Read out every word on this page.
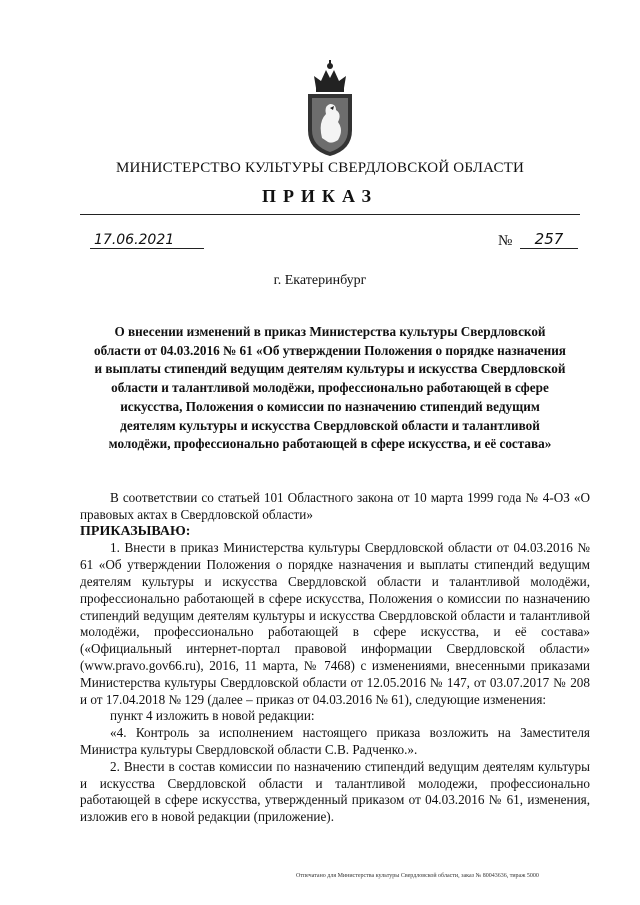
МИНИСТЕРСТВО КУЛЬТУРЫ СВЕРДЛОВСКОЙ ОБЛАСТИ
ПРИКАЗ
17.06.2021	№	257
г. Екатеринбург
О внесении изменений в приказ Министерства культуры Свердловской области от 04.03.2016 № 61 «Об утверждении Положения о порядке назначения и выплаты стипендий ведущим деятелям культуры и искусства Свердловской области и талантливой молодёжи, профессионально работающей в сфере искусства, Положения о комиссии по назначению стипендий ведущим деятелям культуры и искусства Свердловской области и талантливой молодёжи, профессионально работающей в сфере искусства, и её состава»

В соответствии со статьей 101 Областного закона от 10 марта 1999 года № 4-ОЗ «О правовых актах в Свердловской области»

ПРИКАЗЫВАЮ:

1. Внести в приказ Министерства культуры Свердловской области от 04.03.2016 № 61 «Об утверждении Положения о порядке назначения и выплаты стипендий ведущим деятелям культуры и искусства Свердловской области и талантливой молодёжи, профессионально работающей в сфере искусства, Положения о комиссии по назначению стипендий ведущим деятелям культуры и искусства Свердловской области и талантливой молодёжи, профессионально работающей в сфере искусства, и её состава» («Официальный интернет-портал правовой информации Свердловской области» (www.pravo.gov66.ru), 2016, 11 марта, № 7468) с изменениями, внесенными приказами Министерства культуры Свердловской области от 12.05.2016 № 147, от 03.07.2017 № 208 и от 17.04.2018 № 129 (далее – приказ от 04.03.2016 № 61), следующие изменения:

пункт 4 изложить в новой редакции:

«4. Контроль за исполнением настоящего приказа возложить на Заместителя Министра культуры Свердловской области С.В. Радченко.».

2. Внести в состав комиссии по назначению стипендий ведущим деятелям культуры и искусства Свердловской области и талантливой молодежи, профессионально работающей в сфере искусства, утвержденный приказом от 04.03.2016 № 61, изменения, изложив его в новой редакции (приложение).

Отпечатано для Министерства культуры Свердловской области, заказ № 80043636, тираж 5000
